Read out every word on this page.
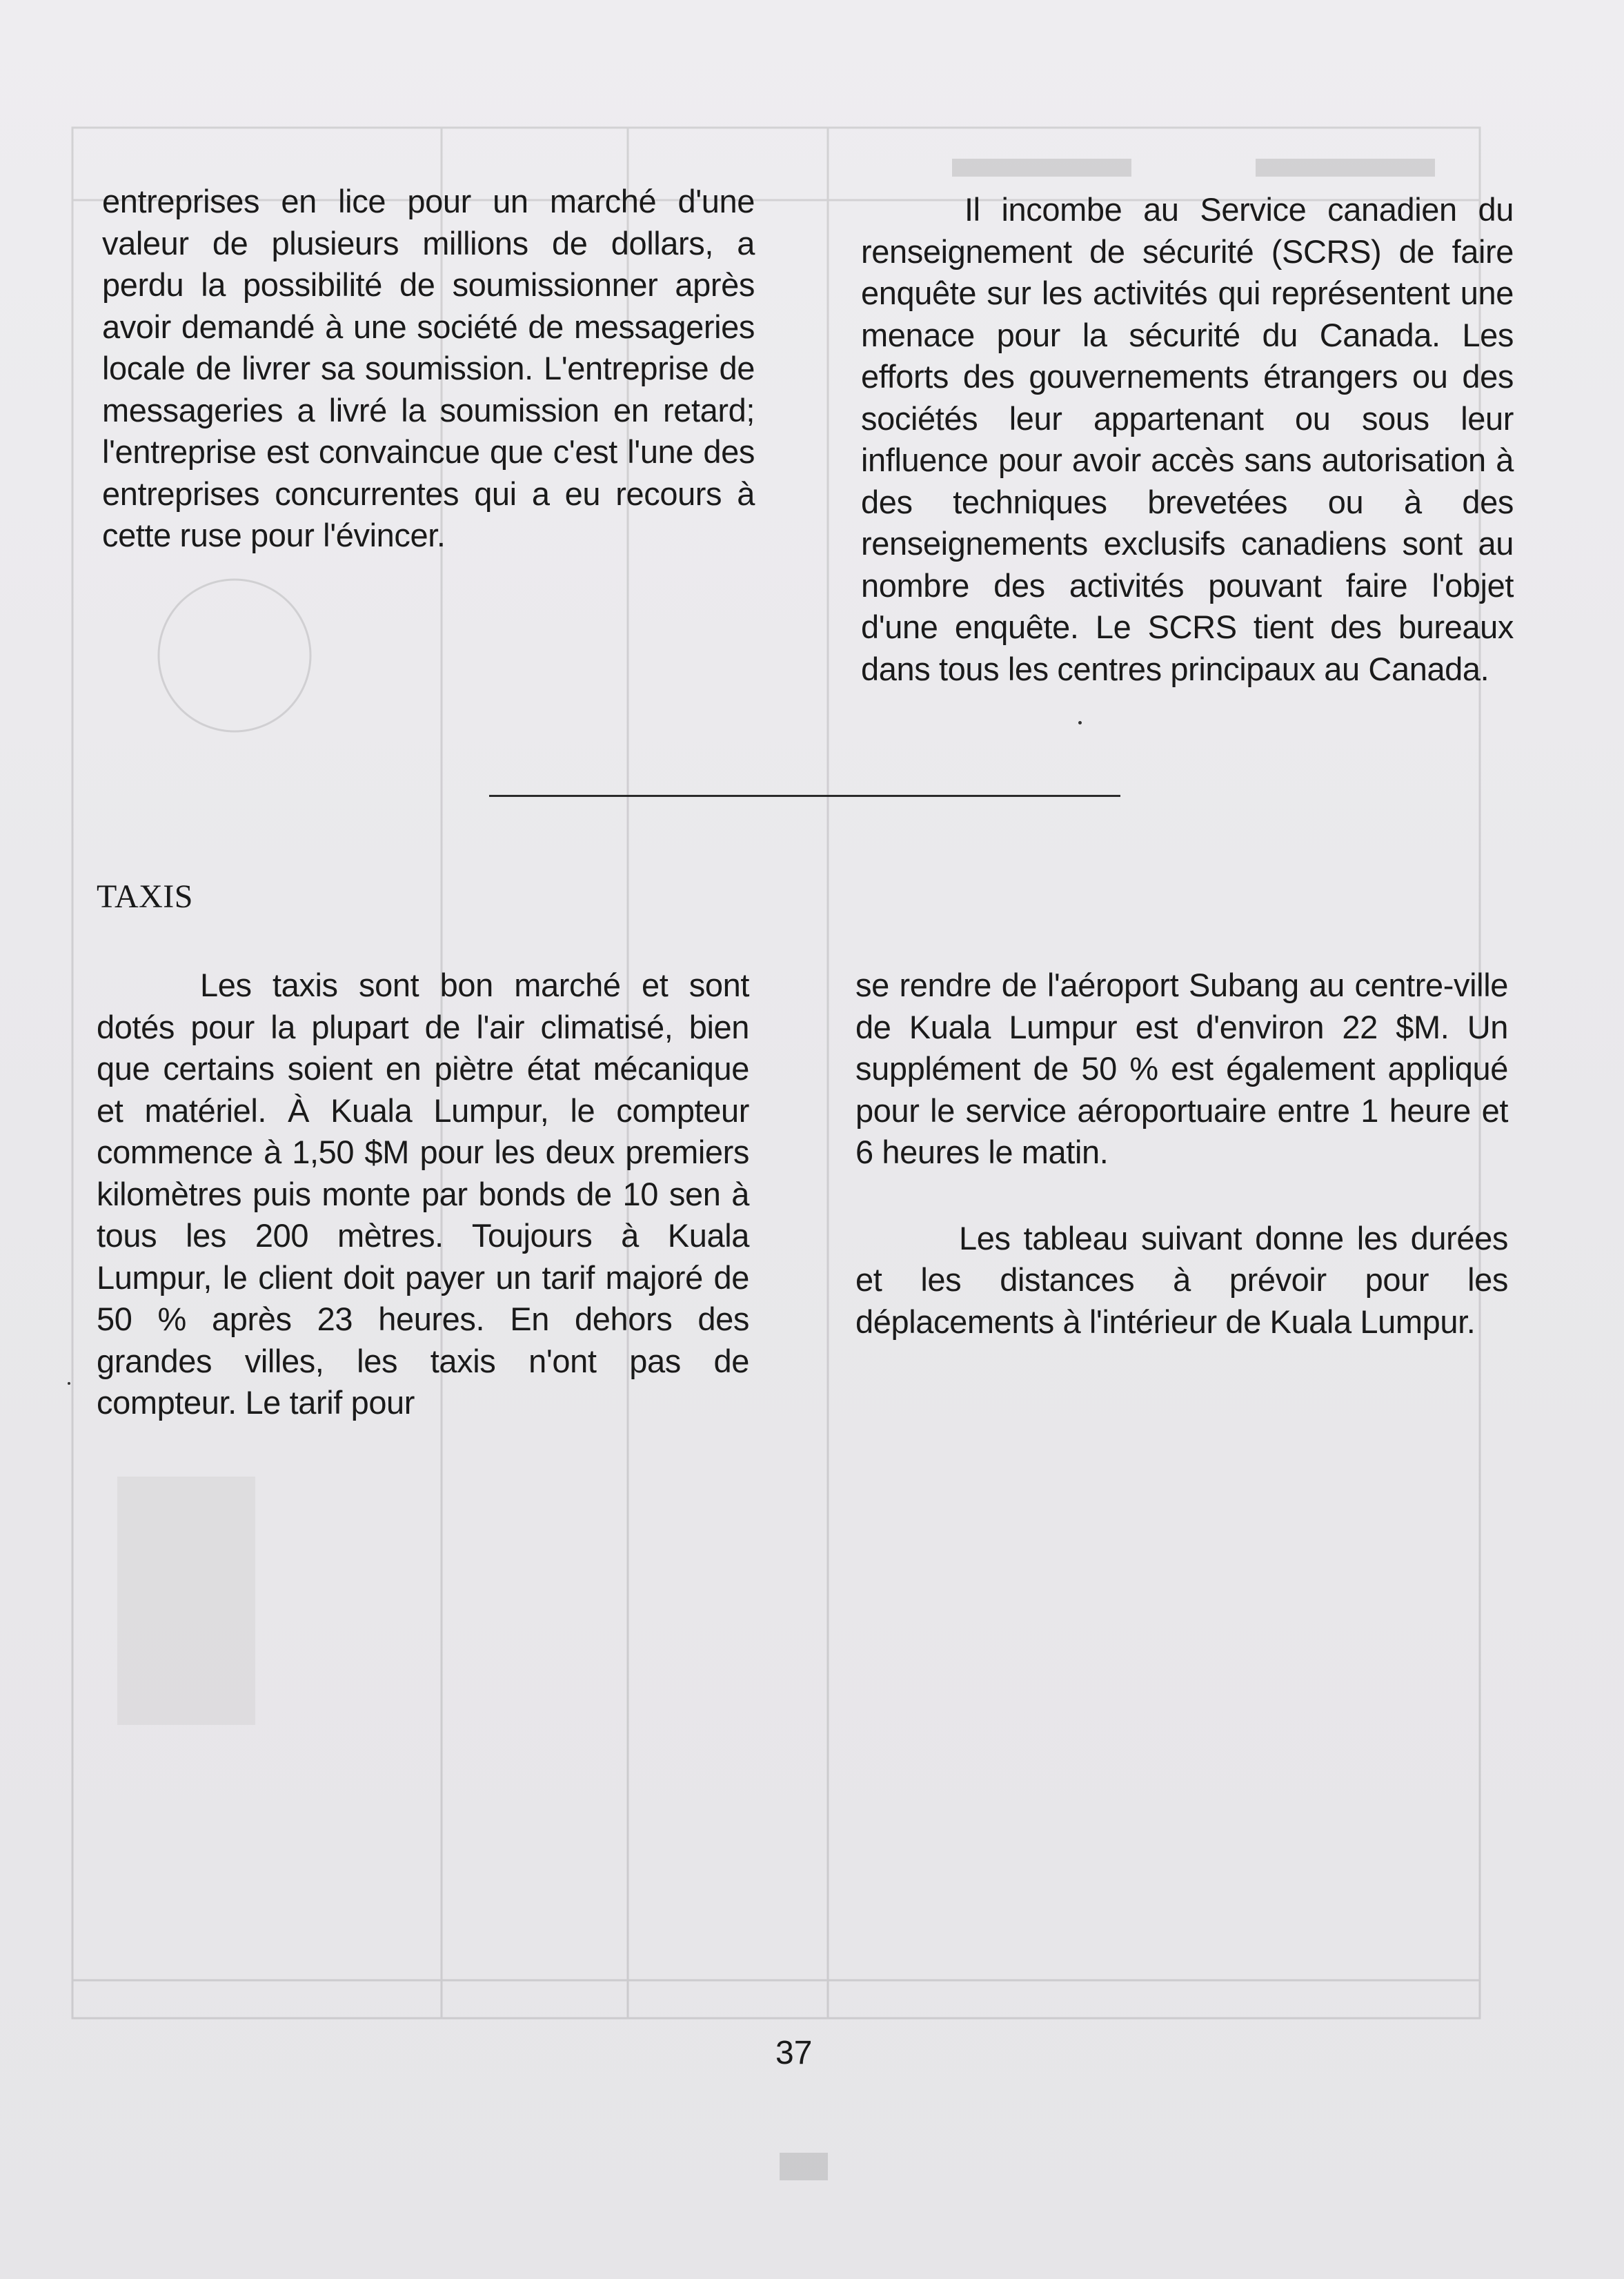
entreprises en lice pour un marché d'une valeur de plusieurs millions de dollars, a perdu la possibilité de soumissionner après avoir demandé à une société de messageries locale de livrer sa soumission. L'entreprise de messageries a livré la soumission en retard; l'entreprise est convaincue que c'est l'une des entreprises concurrentes qui a eu recours à cette ruse pour l'évincer.

Il incombe au Service canadien du renseignement de sécurité (SCRS) de faire enquête sur les activités qui représentent une menace pour la sécurité du Canada. Les efforts des gouvernements étrangers ou des sociétés leur appartenant ou sous leur influence pour avoir accès sans autorisation à des techniques brevetées ou à des renseignements exclusifs canadiens sont au nombre des activités pouvant faire l'objet d'une enquête. Le SCRS tient des bureaux dans tous les centres principaux au Canada.

TAXIS

Les taxis sont bon marché et sont dotés pour la plupart de l'air climatisé, bien que certains soient en piètre état mécanique et matériel. À Kuala Lumpur, le compteur commence à 1,50 $M pour les deux premiers kilomètres puis monte par bonds de 10 sen à tous les 200 mètres. Toujours à Kuala Lumpur, le client doit payer un tarif majoré de 50 % après 23 heures. En dehors des grandes villes, les taxis n'ont pas de compteur. Le tarif pour

se rendre de l'aéroport Subang au centre-ville de Kuala Lumpur est d'environ 22 $M. Un supplément de 50 % est également appliqué pour le service aéroportuaire entre 1 heure et 6 heures le matin.

Les tableau suivant donne les durées et les distances à prévoir pour les déplacements à l'intérieur de Kuala Lumpur.

37
